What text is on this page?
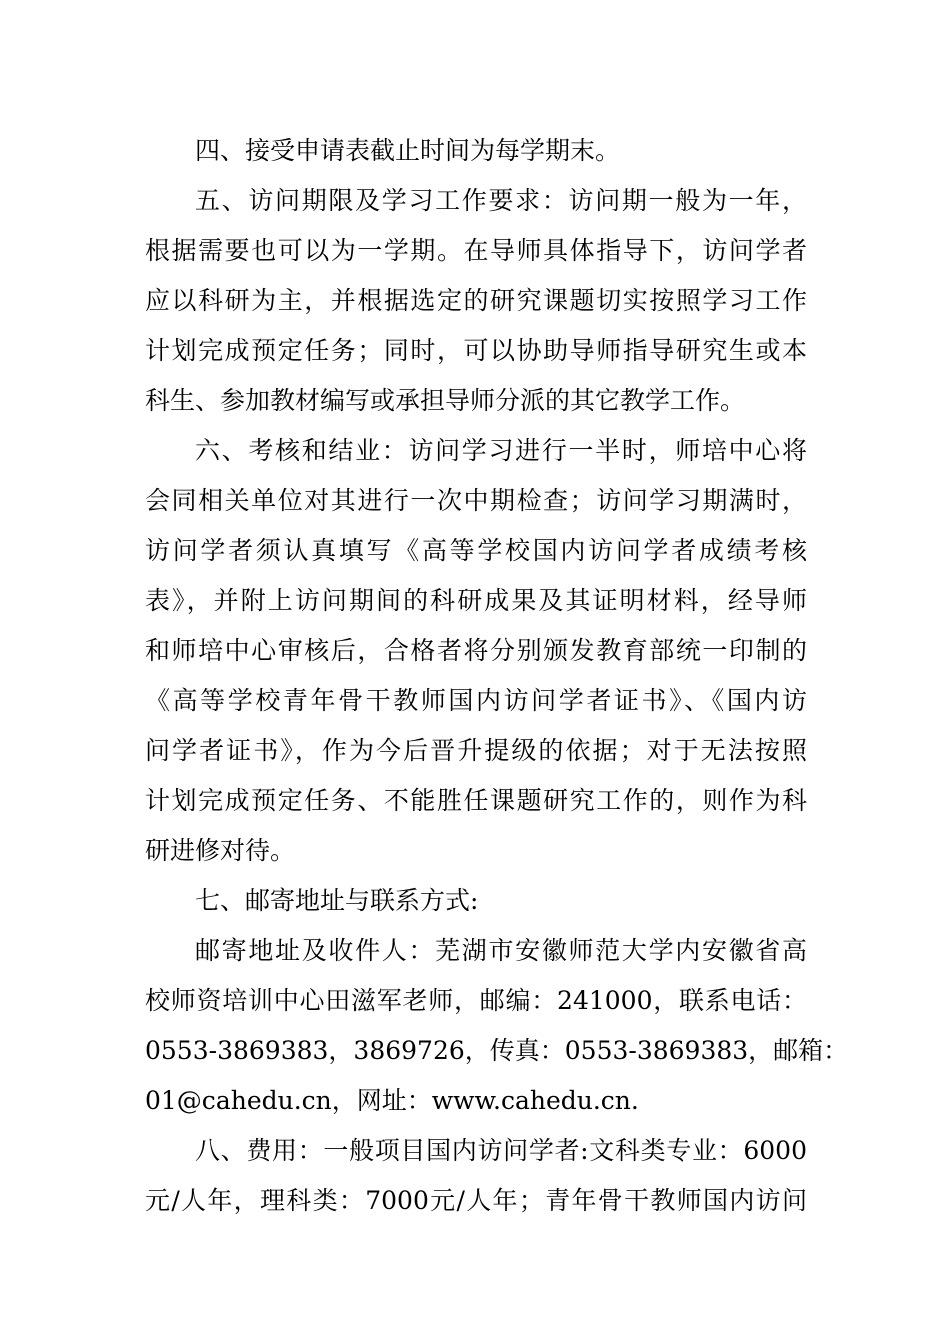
四、接受申请表截止时间为每学期末。
五、访问期限及学习工作要求：访问期一般为一年，
根据需要也可以为一学期。在导师具体指导下，访问学者
应以科研为主，并根据选定的研究课题切实按照学习工作
计划完成预定任务；同时，可以协助导师指导研究生或本
科生、参加教材编写或承担导师分派的其它教学工作。
六、考核和结业：访问学习进行一半时，师培中心将
会同相关单位对其进行一次中期检查；访问学习期满时，
访问学者须认真填写《高等学校国内访问学者成绩考核
表》，并附上访问期间的科研成果及其证明材料，经导师
和师培中心审核后，合格者将分别颁发教育部统一印制的
《高等学校青年骨干教师国内访问学者证书》、《国内访
问学者证书》，作为今后晋升提级的依据；对于无法按照
计划完成预定任务、不能胜任课题研究工作的，则作为科
研进修对待。
七、邮寄地址与联系方式:
邮寄地址及收件人：芜湖市安徽师范大学内安徽省高
校师资培训中心田滋军老师，邮编：241000，联系电话：
0553-3869383，3869726，传真：0553-3869383，邮箱：
01@cahedu.cn，网址：www.cahedu.cn.
八、费用：一般项目国内访问学者:文科类专业：6000
元/人年，理科类：7000元/人年；青年骨干教师国内访问
